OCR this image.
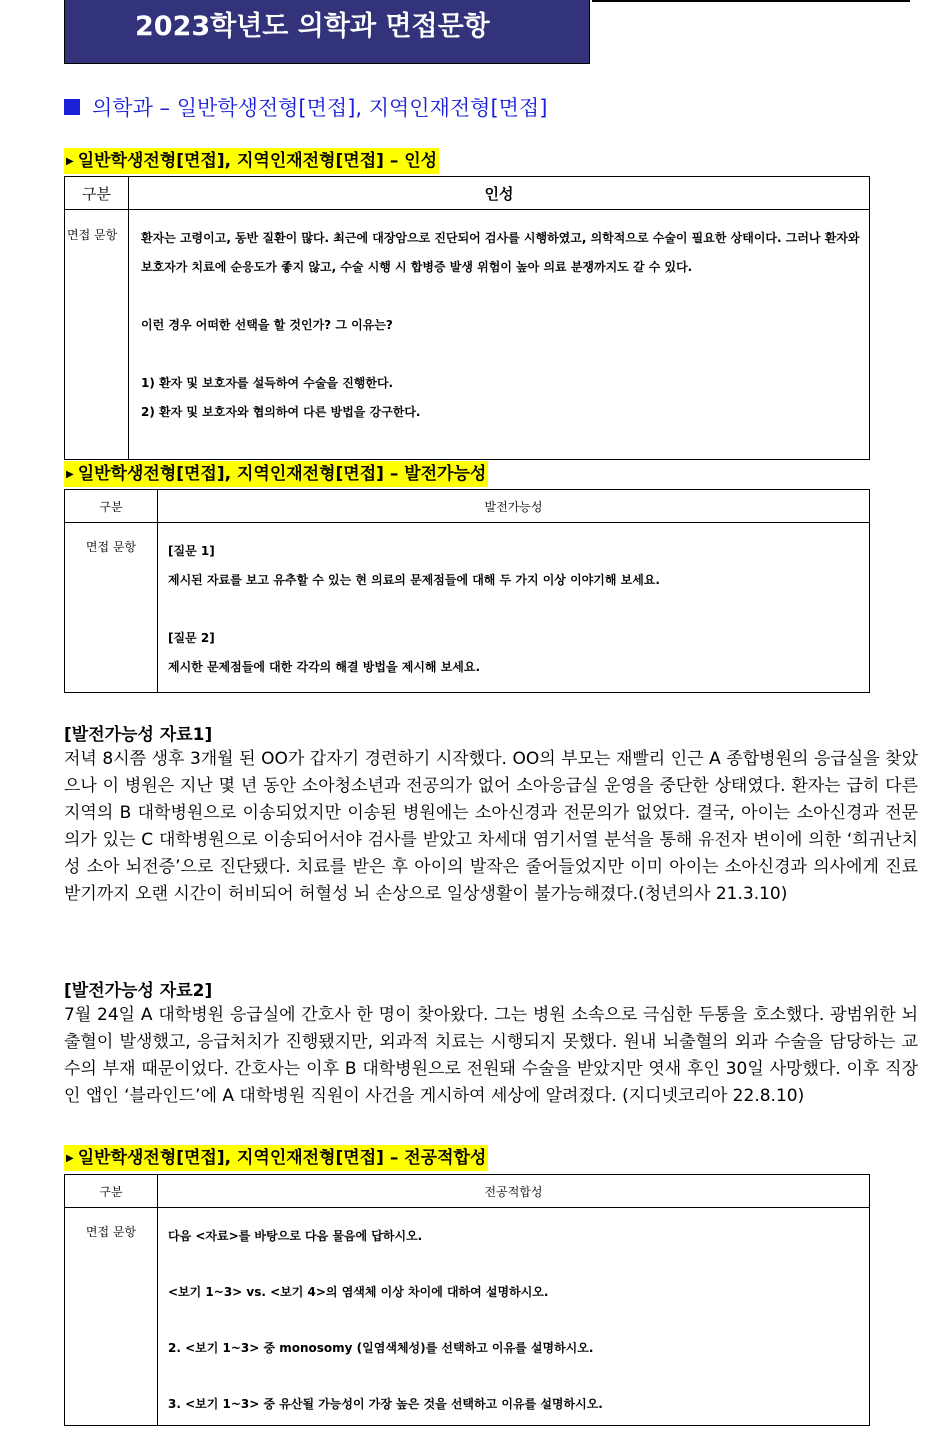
2023학년도 의학과 면접문항
의학과 – 일반학생전형[면접], 지역인재전형[면접]
▶ 일반학생전형[면접], 지역인재전형[면접] – 인성
구분	인성
면접 문항	환자는 고령이고, 동반 질환이 많다. 최근에 대장암으로 진단되어 검사를 시행하였고, 의학적으로 수술이 필요한 상태이다. 그러나 환자와 보호자가 치료에 순응도가 좋지 않고, 수술 시행 시 합병증 발생 위험이 높아 의료 분쟁까지도 갈 수 있다.
이런 경우 어떠한 선택을 할 것인가? 그 이유는?
1) 환자 및 보호자를 설득하여 수술을 진행한다.
2) 환자 및 보호자와 협의하여 다른 방법을 강구한다.
▶ 일반학생전형[면접], 지역인재전형[면접] – 발전가능성
구분	발전가능성
면접 문항	[질문 1]
제시된 자료를 보고 유추할 수 있는 현 의료의 문제점들에 대해 두 가지 이상 이야기해 보세요.
[질문 2]
제시한 문제점들에 대한 각각의 해결 방법을 제시해 보세요.
[발전가능성 자료1]
저녁 8시쯤 생후 3개월 된 OO가 갑자기 경련하기 시작했다. OO의 부모는 재빨리 인근 A 종합병원의 응급실을 찾았으나 이 병원은 지난 몇 년 동안 소아청소년과 전공의가 없어 소아응급실 운영을 중단한 상태였다. 환자는 급히 다른 지역의 B 대학병원으로 이송되었지만 이송된 병원에는 소아신경과 전문의가 없었다. 결국, 아이는 소아신경과 전문의가 있는 C 대학병원으로 이송되어서야 검사를 받았고 차세대 염기서열 분석을 통해 유전자 변이에 의한 ‘희귀난치성 소아 뇌전증’으로 진단됐다. 치료를 받은 후 아이의 발작은 줄어들었지만 이미 아이는 소아신경과 의사에게 진료받기까지 오랜 시간이 허비되어 허혈성 뇌 손상으로 일상생활이 불가능해졌다.(청년의사 21.3.10)
[발전가능성 자료2]
7월 24일 A 대학병원 응급실에 간호사 한 명이 찾아왔다. 그는 병원 소속으로 극심한 두통을 호소했다. 광범위한 뇌출혈이 발생했고, 응급처치가 진행됐지만, 외과적 치료는 시행되지 못했다. 원내 뇌출혈의 외과 수술을 담당하는 교수의 부재 때문이었다. 간호사는 이후 B 대학병원으로 전원돼 수술을 받았지만 엿새 후인 30일 사망했다. 이후 직장인 앱인 ‘블라인드’에 A 대학병원 직원이 사건을 게시하여 세상에 알려졌다. (지디넷코리아 22.8.10)
▶ 일반학생전형[면접], 지역인재전형[면접] – 전공적합성
구분	전공적합성
면접 문항	다음 <자료>를 바탕으로 다음 물음에 답하시오.
<보기 1~3> vs. <보기 4>의 염색체 이상 차이에 대하여 설명하시오.
2. <보기 1~3> 중 monosomy (일염색체성)를 선택하고 이유를 설명하시오.
3. <보기 1~3> 중 유산될 가능성이 가장 높은 것을 선택하고 이유를 설명하시오.
